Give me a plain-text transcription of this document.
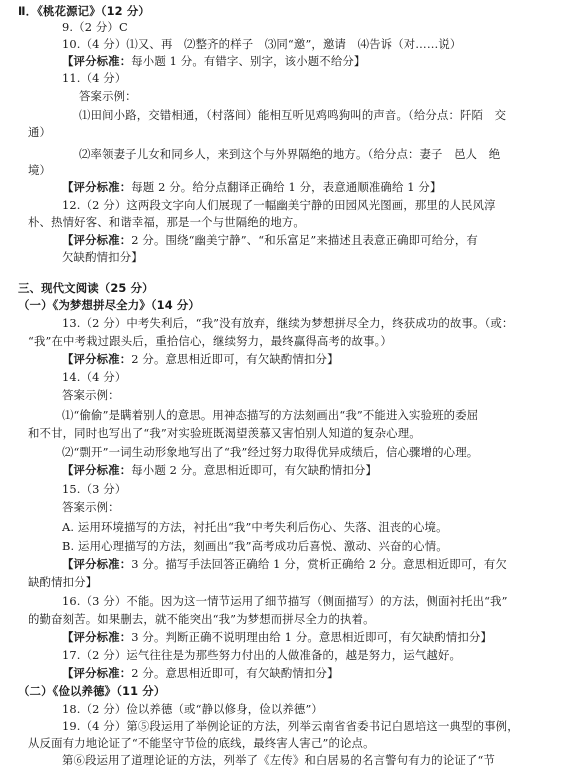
Ⅱ．《桃花源记》（12 分）
9.（2 分）C
10.（4 分）⑴又、再　⑵整齐的样子　⑶同“邀”，邀请　⑷告诉（对……说）
【评分标准：每小题 1 分。有错字、别字，该小题不给分】
11.（4 分）
答案示例：
⑴田间小路，交错相通，（村落间）能相互听见鸡鸣狗叫的声音。（给分点：阡陌　交
通）
⑵率领妻子儿女和同乡人，来到这个与外界隔绝的地方。（给分点：妻子　邑人　绝
境）
【评分标准：每题 2 分。给分点翻译正确给 1 分，表意通顺准确给 1 分】
12.（2 分）这两段文字向人们展现了一幅幽美宁静的田园风光图画，那里的人民风淳
朴、热情好客、和谐幸福，那是一个与世隔绝的地方。
【评分标准：2 分。围绕“幽美宁静”、“和乐富足”来描述且表意正确即可给分，有
欠缺酌情扣分】
三、现代文阅读（25 分）
（一）《为梦想拼尽全力》（14 分）
13.（2 分）中考失利后，“我”没有放弃，继续为梦想拼尽全力，终获成功的故事。（或：
“我”在中考栽过跟头后，重拾信心，继续努力，最终赢得高考的故事。）
【评分标准：2 分。意思相近即可，有欠缺酌情扣分】
14.（4 分）
答案示例：
⑴“偷偷”是瞒着别人的意思。用神态描写的方法刻画出“我”不能进入实验班的委屈
和不甘，同时也写出了“我”对实验班既渴望羡慕又害怕别人知道的复杂心理。
⑵“剽开”一词生动形象地写出了“我”经过努力取得优异成绩后，信心骤增的心理。
【评分标准：每小题 2 分。意思相近即可，有欠缺酌情扣分】
15.（3 分）
答案示例：
A. 运用环境描写的方法，衬托出“我”中考失利后伤心、失落、沮丧的心境。
B. 运用心理描写的方法，刻画出“我”高考成功后喜悦、激动、兴奋的心情。
【评分标准：3 分。描写手法回答正确给 1 分，赏析正确给 2 分。意思相近即可，有欠
缺酌情扣分】
16.（3 分）不能。因为这一情节运用了细节描写（侧面描写）的方法，侧面衬托出“我”
的勤奋刻苦。如果删去，就不能突出“我”为梦想而拼尽全力的执着。
【评分标准：3 分。判断正确不说明理由给 1 分。意思相近即可，有欠缺酌情扣分】
17.（2 分）运气往往是为那些努力付出的人做准备的，越是努力，运气越好。
【评分标准：2 分。意思相近即可，有欠缺酌情扣分】
（二）《俭以养德》（11 分）
18.（2 分）俭以养德（或“静以修身，俭以养德”）
19.（4 分）第⑤段运用了举例论证的方法，列举云南省省委书记白恩培这一典型的事例，
从反面有力地论证了“不能坚守节俭的底线，最终害人害己”的论点。
第⑥段运用了道理论证的方法，列举了《左传》和白居易的名言警句有力的论证了“节
